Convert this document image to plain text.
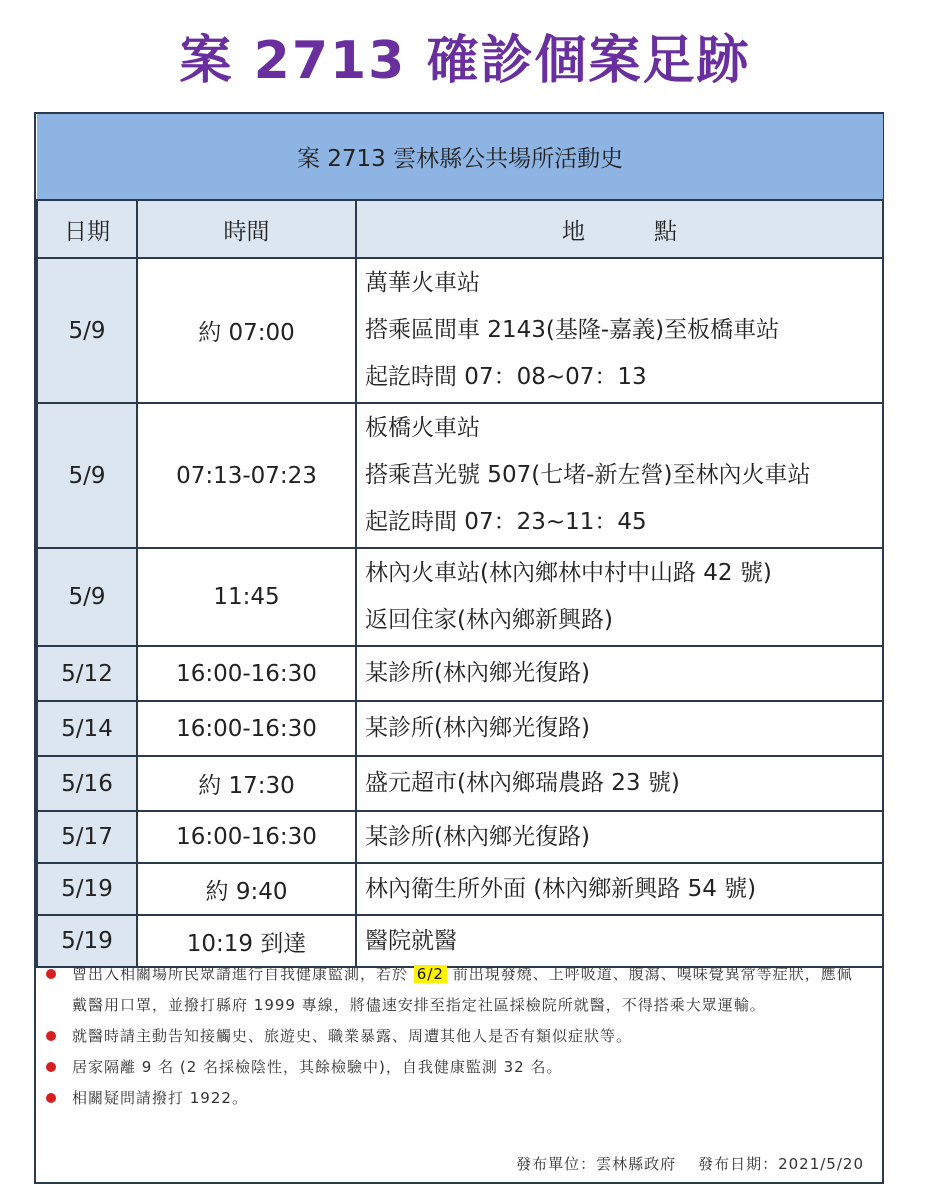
案 2713 確診個案足跡
案 2713 雲林縣公共場所活動史		
日期	時間	地　　　點
5/9	約 07:00	萬華火車站
搭乘區間車 2143(基隆-嘉義)至板橋車站
起訖時間 07：08~07：13

5/9	07:13-07:23	板橋火車站
搭乘莒光號 507(七堵-新左營)至林內火車站
起訖時間 07：23~11：45

5/9	11:45	林內火車站(林內鄉林中村中山路 42 號)
返回住家(林內鄉新興路)

5/12	16:00-16:30	某診所(林內鄉光復路)

5/14	16:00-16:30	某診所(林內鄉光復路)

5/16	約 17:30	盛元超市(林內鄉瑞農路 23 號)

5/17	16:00-16:30	某診所(林內鄉光復路)

5/19	約 9:40	林內衛生所外面 (林內鄉新興路 54 號)

5/19	10:19 到達	醫院就醫
曾出入相關場所民眾請進行自我健康監測，若於 6/2 前出現發燒、上呼吸道、腹瀉、嗅味覺異常等症狀，應佩戴醫用口罩，並撥打縣府 1999 專線，將儘速安排至指定社區採檢院所就醫，不得搭乘大眾運輸。
就醫時請主動告知接觸史、旅遊史、職業暴露、周遭其他人是否有類似症狀等。
居家隔離 9 名 (2 名採檢陰性，其餘檢驗中)，自我健康監測 32 名。
相關疑問請撥打 1922。
發布單位：雲林縣政府 發布日期：2021/5/20
